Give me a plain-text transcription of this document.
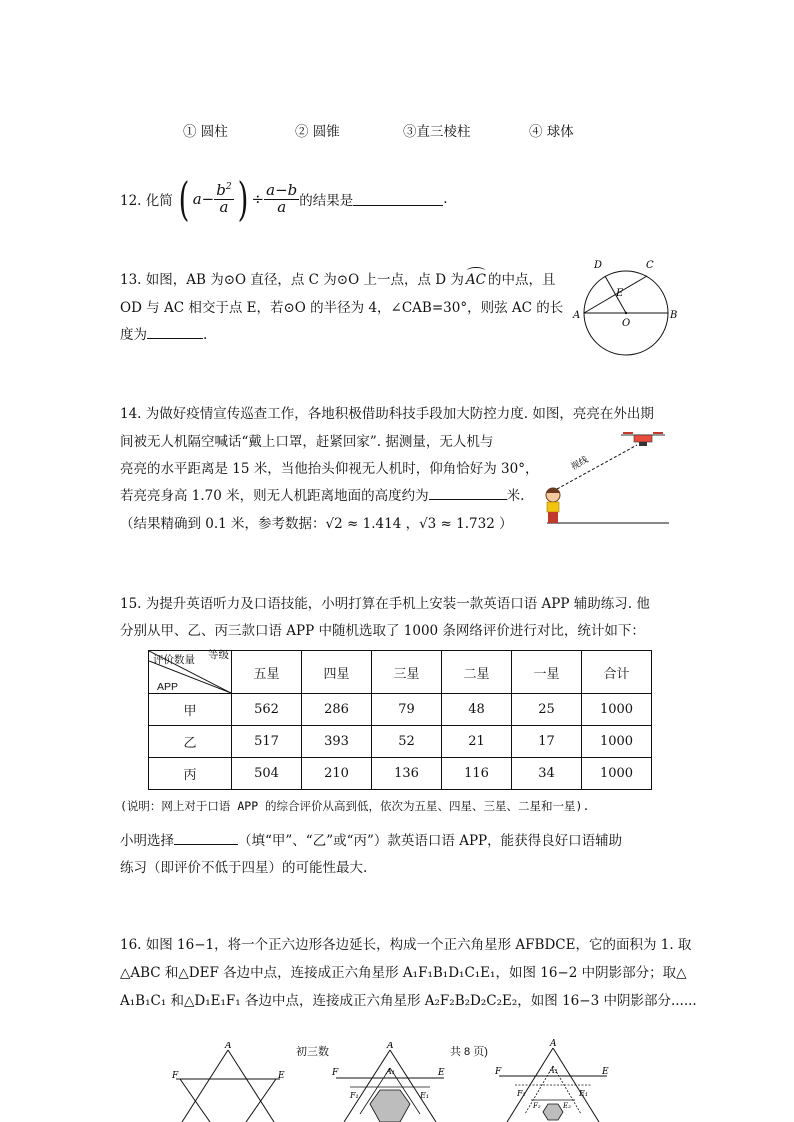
① 圆柱	② 圆锥	③直三棱柱	④ 球体
12. 化简 ( $a - \frac{b^2}{a}$ ) ÷ $\frac{a-b}{a}$ 的结果是	.
13. 如图，AB 为⊙O 直径，点 C 为⊙O 上一点，点 D 为 AC 的中点，且
OD 与 AC 相交于点 E，若⊙O 的半径为 4，∠CAB=30°，则弦 AC 的长
度为	.
D	C
E
A
O
B
14. 为做好疫情宣传巡查工作，各地积极借助科技手段加大防控力度. 如图，亮亮在外出期
间被无人机隔空喊话“戴上口罩，赶紧回家”. 据测量，无人机与
亮亮的水平距离是 15 米，当他抬头仰视无人机时，仰角恰好为 30°，
若亮亮身高 1.70 米，则无人机距离地面的高度约为	米.
（结果精确到 0.1 米，参考数据：√2 ≈ 1.414 ，√3 ≈ 1.732 ）
视线
15. 为提升英语听力及口语技能，小明打算在手机上安装一款英语口语 APP 辅助练习. 他
分别从甲、乙、丙三款口语 APP 中随机选取了 1000 条网络评价进行对比，统计如下：
评价数量 等级
APP	五星	四星	三星	二星	一星	合计
甲	562	286	79	48	25	1000
乙	517	393	52	21	17	1000
丙	504	210	136	116	34	1000
(说明：网上对于口语 APP 的综合评价从高到低，依次为五星、四星、三星、二星和一星).
小明选择	（填“甲”、“乙”或“丙”）款英语口语 APP，能获得良好口语辅助
练习（即评价不低于四星）的可能性最大.
16. 如图 16−1，将一个正六边形各边延长，构成一个正六角星形 AFBDCE，它的面积为 1. 取
△ABC 和△DEF 各边中点，连接成正六角星形 A₁F₁B₁D₁C₁E₁，如图 16−2 中阴影部分；取△
A₁B₁C₁ 和△D₁E₁F₁ 各边中点，连接成正六角星形 A₂F₂B₂D₂C₂E₂，如图 16−3 中阴影部分......
初三数	共 8 页)
A
F	E
A
A₁
F	E
F₁	E₁
A
A₁
F	E
F₁	E₁
F₂	E₂
